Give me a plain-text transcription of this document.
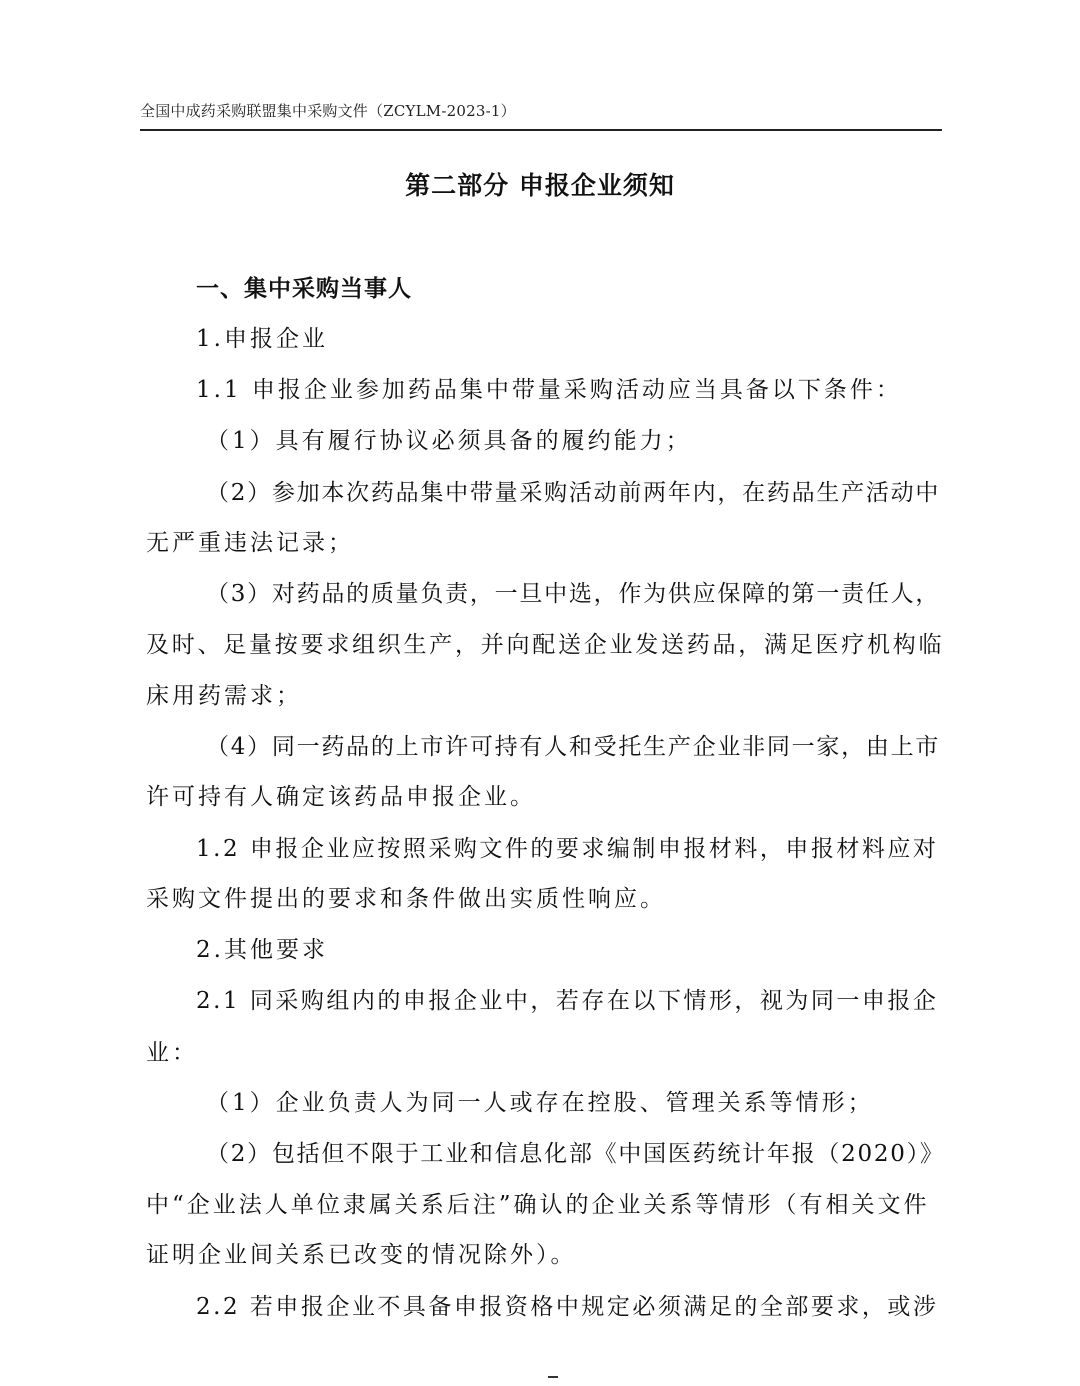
全国中成药采购联盟集中采购文件（ZCYLM-2023-1）
第二部分 申报企业须知
一、集中采购当事人
1.申报企业
1.1 申报企业参加药品集中带量采购活动应当具备以下条件：
（1）具有履行协议必须具备的履约能力；
（2）参加本次药品集中带量采购活动前两年内，在药品生产活动中
无严重违法记录；
（3）对药品的质量负责，一旦中选，作为供应保障的第一责任人，
及时、足量按要求组织生产，并向配送企业发送药品，满足医疗机构临
床用药需求；
（4）同一药品的上市许可持有人和受托生产企业非同一家，由上市
许可持有人确定该药品申报企业。
1.2 申报企业应按照采购文件的要求编制申报材料，申报材料应对
采购文件提出的要求和条件做出实质性响应。
2.其他要求
2.1 同采购组内的申报企业中，若存在以下情形，视为同一申报企
业：
（1）企业负责人为同一人或存在控股、管理关系等情形；
（2）包括但不限于工业和信息化部《中国医药统计年报（2020）》
中“企业法人单位隶属关系后注”确认的企业关系等情形（有相关文件
证明企业间关系已改变的情况除外）。
2.2 若申报企业不具备申报资格中规定必须满足的全部要求，或涉
